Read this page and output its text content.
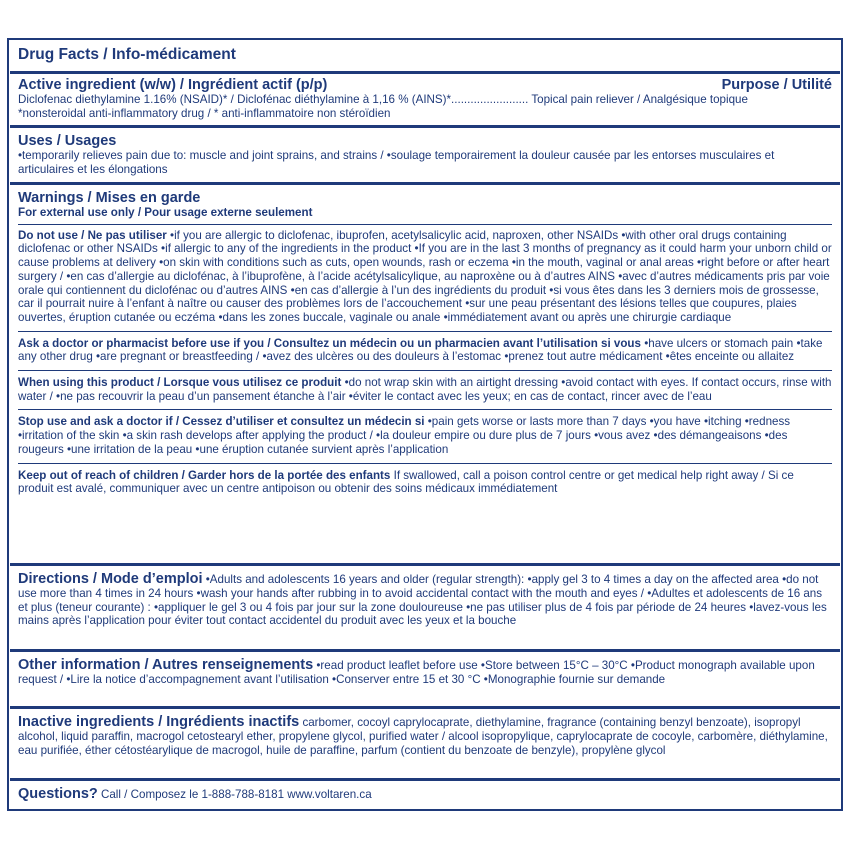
Drug Facts / Info-médicament
Active ingredient (w/w) / Ingrédient actif (p/p)	Purpose / Utilité
Diclofenac diethylamine 1.16% (NSAID)* / Diclofénac diéthylamine à 1,16 % (AINS)*........................ Topical pain reliever / Analgésique topique
*nonsteroidal anti-inflammatory drug / * anti-inflammatoire non stéroïdien
Uses / Usages
•temporarily relieves pain due to: muscle and joint sprains, and strains / •soulage temporairement la douleur causée par les entorses musculaires et articulaires et les élongations
Warnings / Mises en garde
For external use only / Pour usage externe seulement
Do not use / Ne pas utiliser •if you are allergic to diclofenac, ibuprofen, acetylsalicylic acid, naproxen, other NSAIDs •with other oral drugs containing diclofenac or other NSAIDs •if allergic to any of the ingredients in the product •If you are in the last 3 months of pregnancy as it could harm your unborn child or cause problems at delivery •on skin with conditions such as cuts, open wounds, rash or eczema •in the mouth, vaginal or anal areas •right before or after heart surgery / •en cas d’allergie au diclofénac, à l’ibuprofène, à l’acide acétylsalicylique, au naproxène ou à d’autres AINS •avec d’autres médicaments pris par voie orale qui contiennent du diclofénac ou d’autres AINS •en cas d’allergie à l’un des ingrédients du produit •si vous êtes dans les 3 derniers mois de grossesse, car il pourrait nuire à l’enfant à naître ou causer des problèmes lors de l’accouchement •sur une peau présentant des lésions telles que coupures, plaies ouvertes, éruption cutanée ou eczéma •dans les zones buccale, vaginale ou anale •immédiatement avant ou après une chirurgie cardiaque
Ask a doctor or pharmacist before use if you / Consultez un médecin ou un pharmacien avant l’utilisation si vous •have ulcers or stomach pain •take any other drug •are pregnant or breastfeeding / •avez des ulcères ou des douleurs à l’estomac •prenez tout autre médicament •êtes enceinte ou allaitez
When using this product / Lorsque vous utilisez ce produit •do not wrap skin with an airtight dressing •avoid contact with eyes. If contact occurs, rinse with water / •ne pas recouvrir la peau d’un pansement étanche à l’air •éviter le contact avec les yeux; en cas de contact, rincer avec de l’eau
Stop use and ask a doctor if / Cessez d’utiliser et consultez un médecin si •pain gets worse or lasts more than 7 days •you have •itching •redness •irritation of the skin •a skin rash develops after applying the product / •la douleur empire ou dure plus de 7 jours •vous avez •des démangeaisons •des rougeurs •une irritation de la peau •une éruption cutanée survient après l’application
Keep out of reach of children / Garder hors de la portée des enfants If swallowed, call a poison control centre or get medical help right away / Si ce produit est avalé, communiquer avec un centre antipoison ou obtenir des soins médicaux immédiatement
Directions / Mode d’emploi •Adults and adolescents 16 years and older (regular strength): •apply gel 3 to 4 times a day on the affected area •do not use more than 4 times in 24 hours •wash your hands after rubbing in to avoid accidental contact with the mouth and eyes / •Adultes et adolescents de 16 ans et plus (teneur courante) : •appliquer le gel 3 ou 4 fois par jour sur la zone douloureuse •ne pas utiliser plus de 4 fois par période de 24 heures •lavez-vous les mains après l’application pour éviter tout contact accidentel du produit avec les yeux et la bouche
Other information / Autres renseignements •read product leaflet before use •Store between 15°C – 30°C •Product monograph available upon request / •Lire la notice d’accompagnement avant l’utilisation •Conserver entre 15 et 30 °C •Monographie fournie sur demande
Inactive ingredients / Ingrédients inactifs carbomer, cocoyl caprylocaprate, diethylamine, fragrance (containing benzyl benzoate), isopropyl alcohol, liquid paraffin, macrogol cetostearyl ether, propylene glycol, purified water / alcool isopropylique, caprylocaprate de cocoyle, carbomère, diéthylamine, eau purifiée, éther cétostéarylique de macrogol, huile de paraffine, parfum (contient du benzoate de benzyle), propylène glycol
Questions? Call / Composez le 1-888-788-8181 www.voltaren.ca
